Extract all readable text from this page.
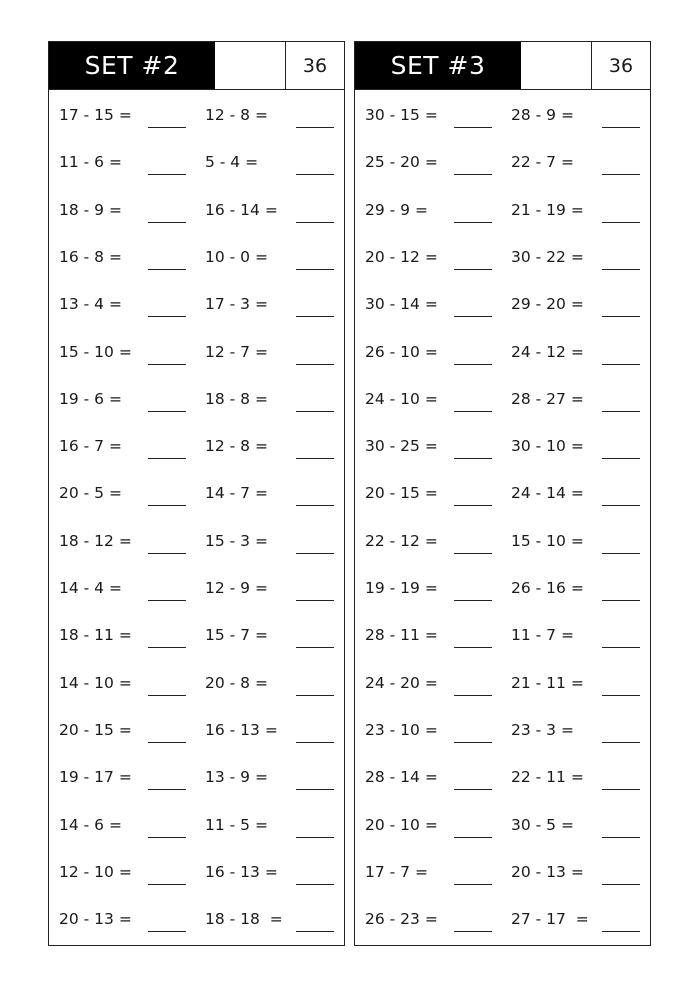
SET #2	36
17 - 15 =	12 - 8 =
11 - 6 =	5 - 4 =
18 - 9 =	16 - 14 =
16 - 8 =	10 - 0 =
13 - 4 =	17 - 3 =
15 - 10 =	12 - 7 =
19 - 6 =	18 - 8 =
16 - 7 =	12 - 8 =
20 - 5 =	14 - 7 =
18 - 12 =	15 - 3 =
14 - 4 =	12 - 9 =
18 - 11 =	15 - 7 =
14 - 10 =	20 - 8 =
20 - 15 =	16 - 13 =
19 - 17 =	13 - 9 =
14 - 6 =	11 - 5 =
12 - 10 =	16 - 13 =
20 - 13 =	18 - 18  =
SET #3	36
30 - 15 =	28 - 9 =
25 - 20 =	22 - 7 =
29 - 9 =	21 - 19 =
20 - 12 =	30 - 22 =
30 - 14 =	29 - 20 =
26 - 10 =	24 - 12 =
24 - 10 =	28 - 27 =
30 - 25 =	30 - 10 =
20 - 15 =	24 - 14 =
22 - 12 =	15 - 10 =
19 - 19 =	26 - 16 =
28 - 11 =	11 - 7 =
24 - 20 =	21 - 11 =
23 - 10 =	23 - 3 =
28 - 14 =	22 - 11 =
20 - 10 =	30 - 5 =
17 - 7 =	20 - 13 =
26 - 23 =	27 - 17  =
